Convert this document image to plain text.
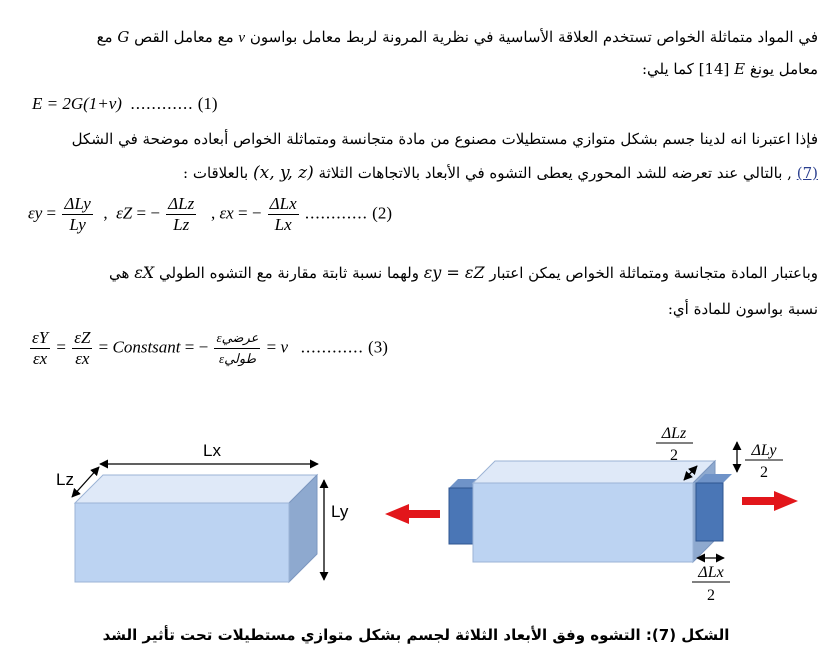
في المواد متماثلة الخواص تستخدم العلاقة الأساسية في نظرية المرونة لربط معامل بواسون ν مع معامل القص G مع
معامل يونغ E [14] كما يلي:
E = 2G(1+ν) ............ (1)
فإذا اعتبرنا انه لدينا جسم بشكل متوازي مستطيلات مصنوع من مادة متجانسة ومتماثلة الخواص أبعاده موضحة في الشكل
(7) , بالتالي عند تعرضه للشد المحوري يعطى التشوه في الأبعاد بالاتجاهات الثلاثة (x, y, z) بالعلاقات :
$\varepsilon y = \frac{\text{ΔLy}}{Ly}$ ,  εZ = − $\frac{\text{ΔLz}}{Lz}$ , εx = − $\frac{\text{ΔLx}}{Lx}$ ............ (2)
وباعتبار المادة متجانسة ومتماثلة الخواص يمكن اعتبار εy = εZ ولهما نسبة ثابتة مقارنة مع التشوه الطولي εX هي
نسبة بواسون للمادة أي:
$\frac{\varepsilon Y}{\varepsilon x} = \frac{\varepsilon Z}{\varepsilon x}$ = Constsant = − $\frac{\text{εعرضي}}{\text{εطولي}} = \nu$ ............ (3)
Lx
Ly
Lz
ΔLz
2	ΔLy
2
ΔLx
2
الشكل (7): التشوه وفق الأبعاد الثلاثة لجسم بشكل متوازي مستطيلات تحت تأثير الشد
